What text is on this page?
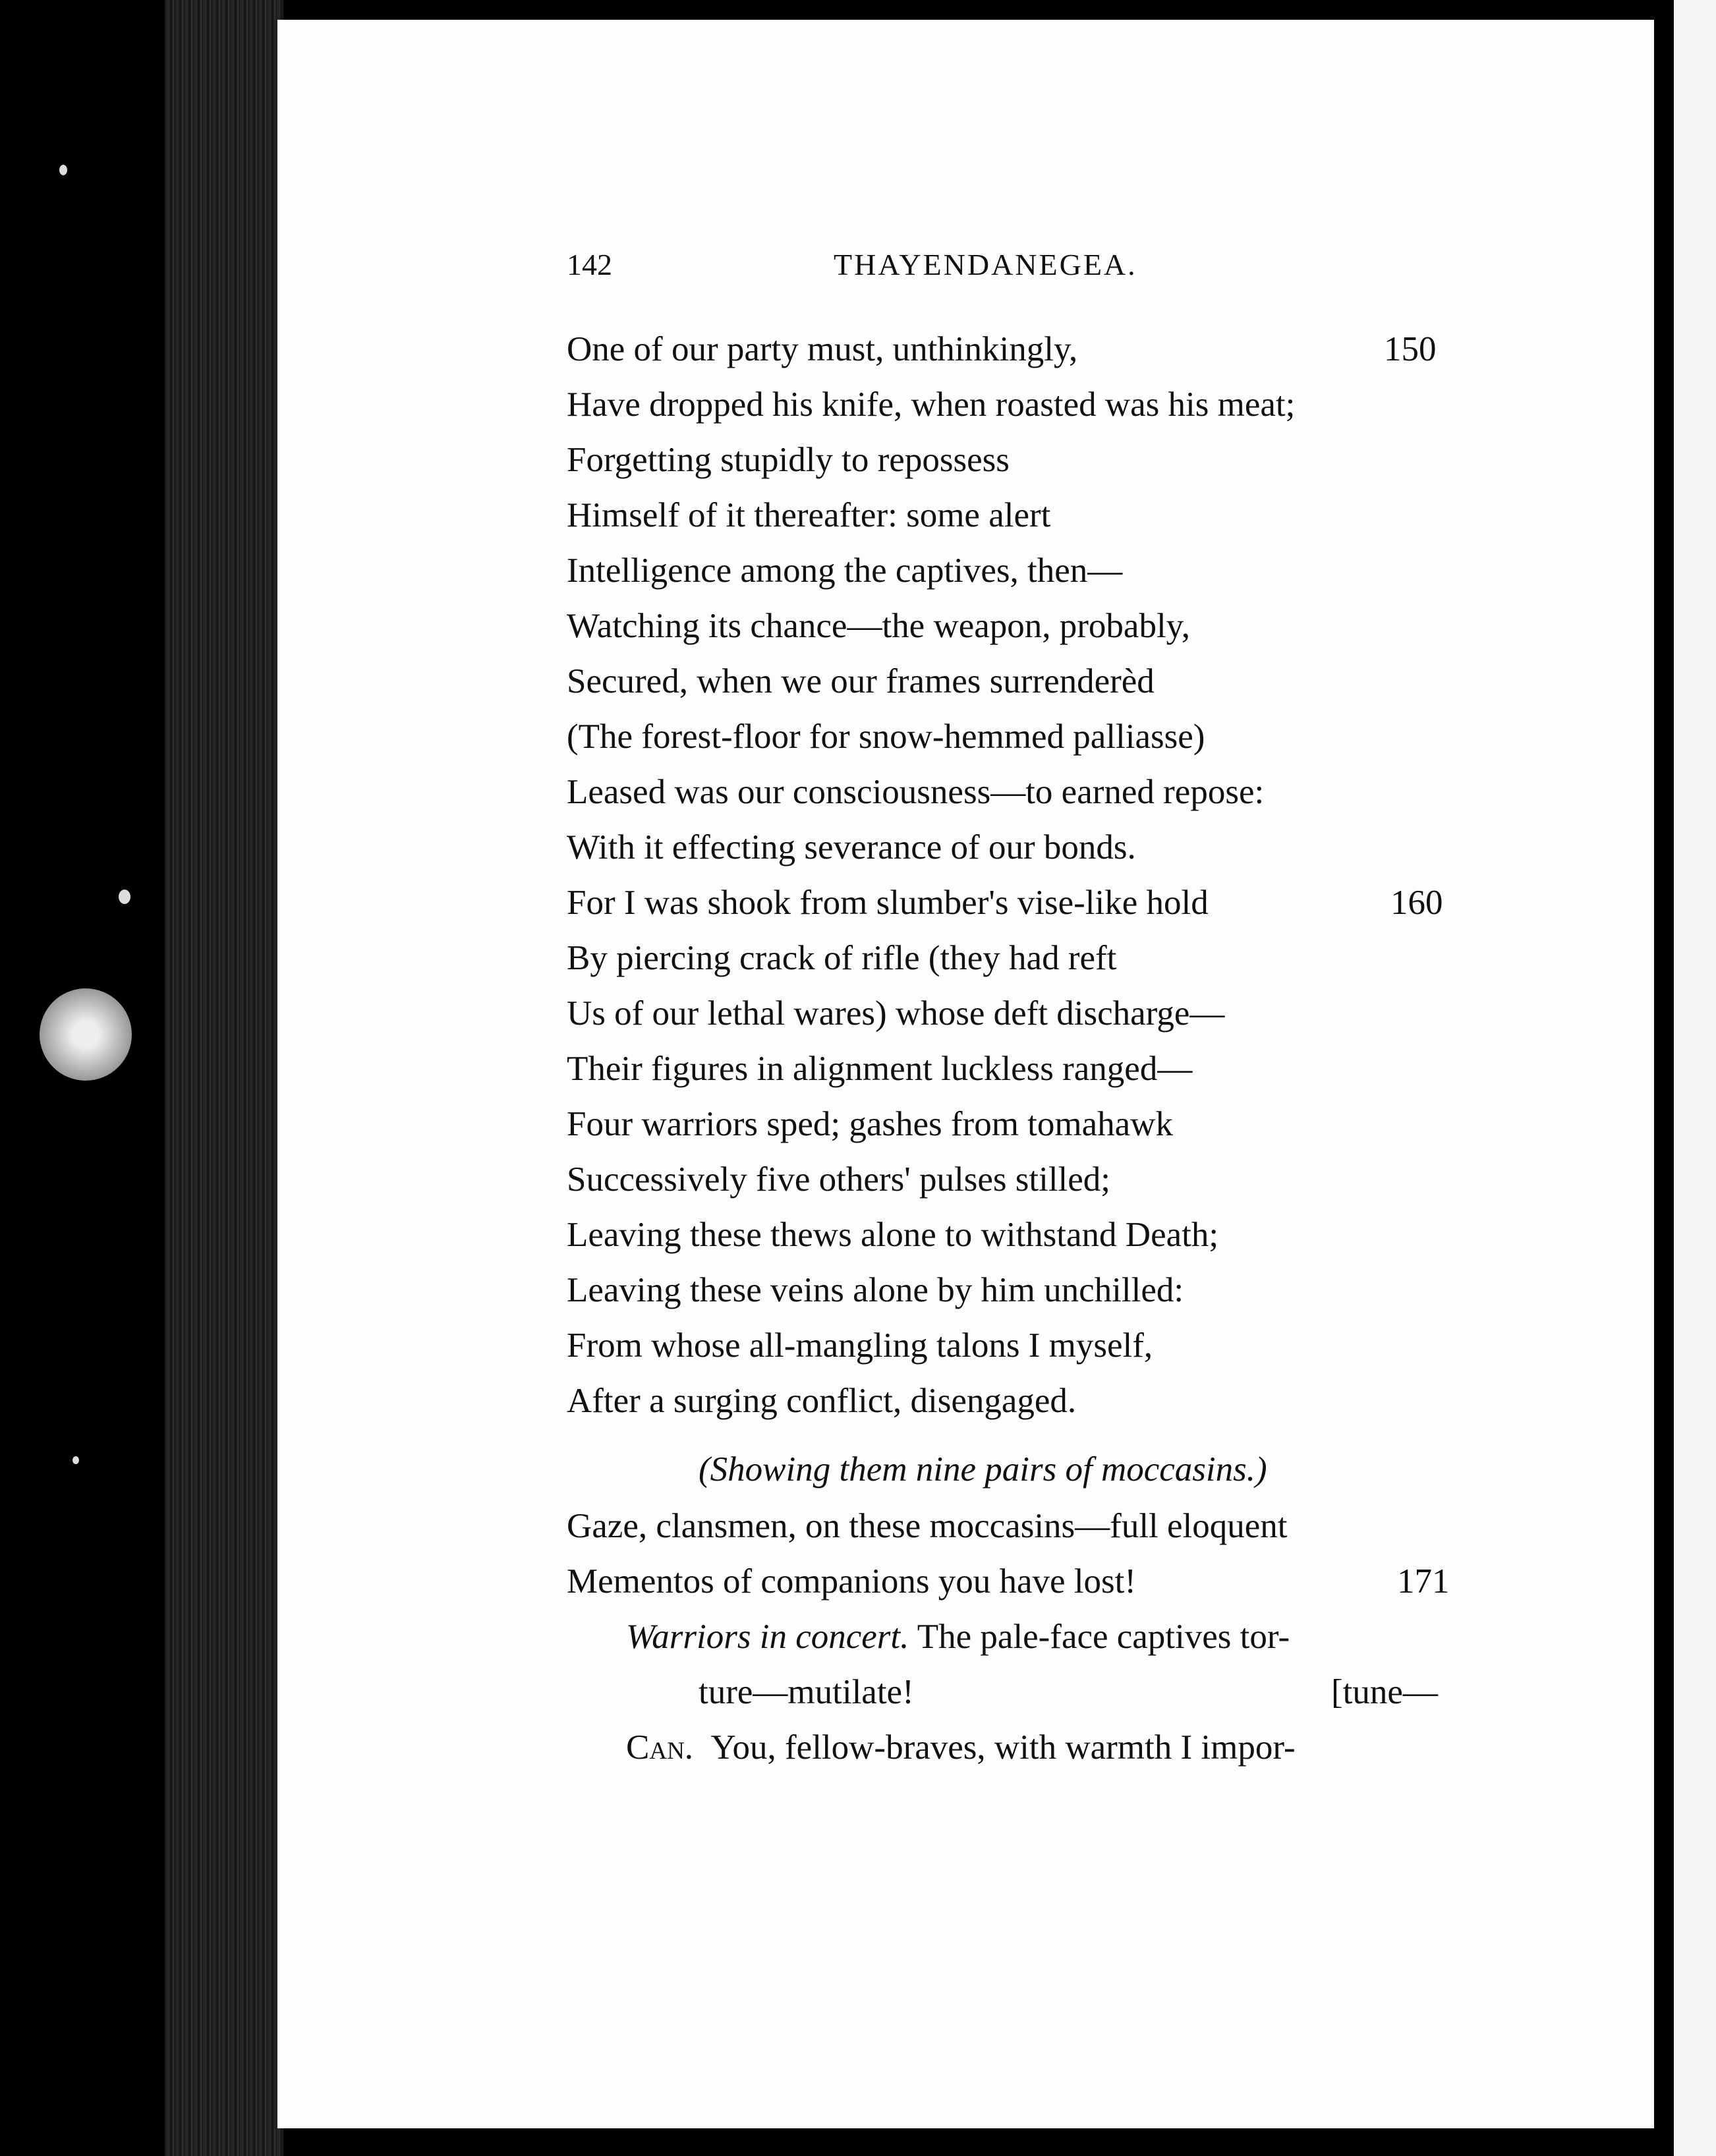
142	THAYENDANEGEA.
One of our party must, unthinkingly,	150
Have dropped his knife, when roasted was his meat;
Forgetting stupidly to repossess
Himself of it thereafter: some alert
Intelligence among the captives, then—
Watching its chance—the weapon, probably,
Secured, when we our frames surrenderèd
(The forest-floor for snow-hemmed palliasse)
Leased was our consciousness—to earned repose:
With it effecting severance of our bonds.
For I was shook from slumber's vise-like hold	160
By piercing crack of rifle (they had reft
Us of our lethal wares) whose deft discharge—
Their figures in alignment luckless ranged—
Four warriors sped; gashes from tomahawk
Successively five others' pulses stilled;
Leaving these thews alone to withstand Death;
Leaving these veins alone by him unchilled:
From whose all-mangling talons I myself,
After a surging conflict, disengaged.
(Showing them nine pairs of moccasins.)
Gaze, clansmen, on these moccasins—full eloquent
Mementos of companions you have lost!	171
Warriors in concert. The pale-face captives tor-
ture—mutilate!	[tune—
Can. You, fellow-braves, with warmth I impor-
